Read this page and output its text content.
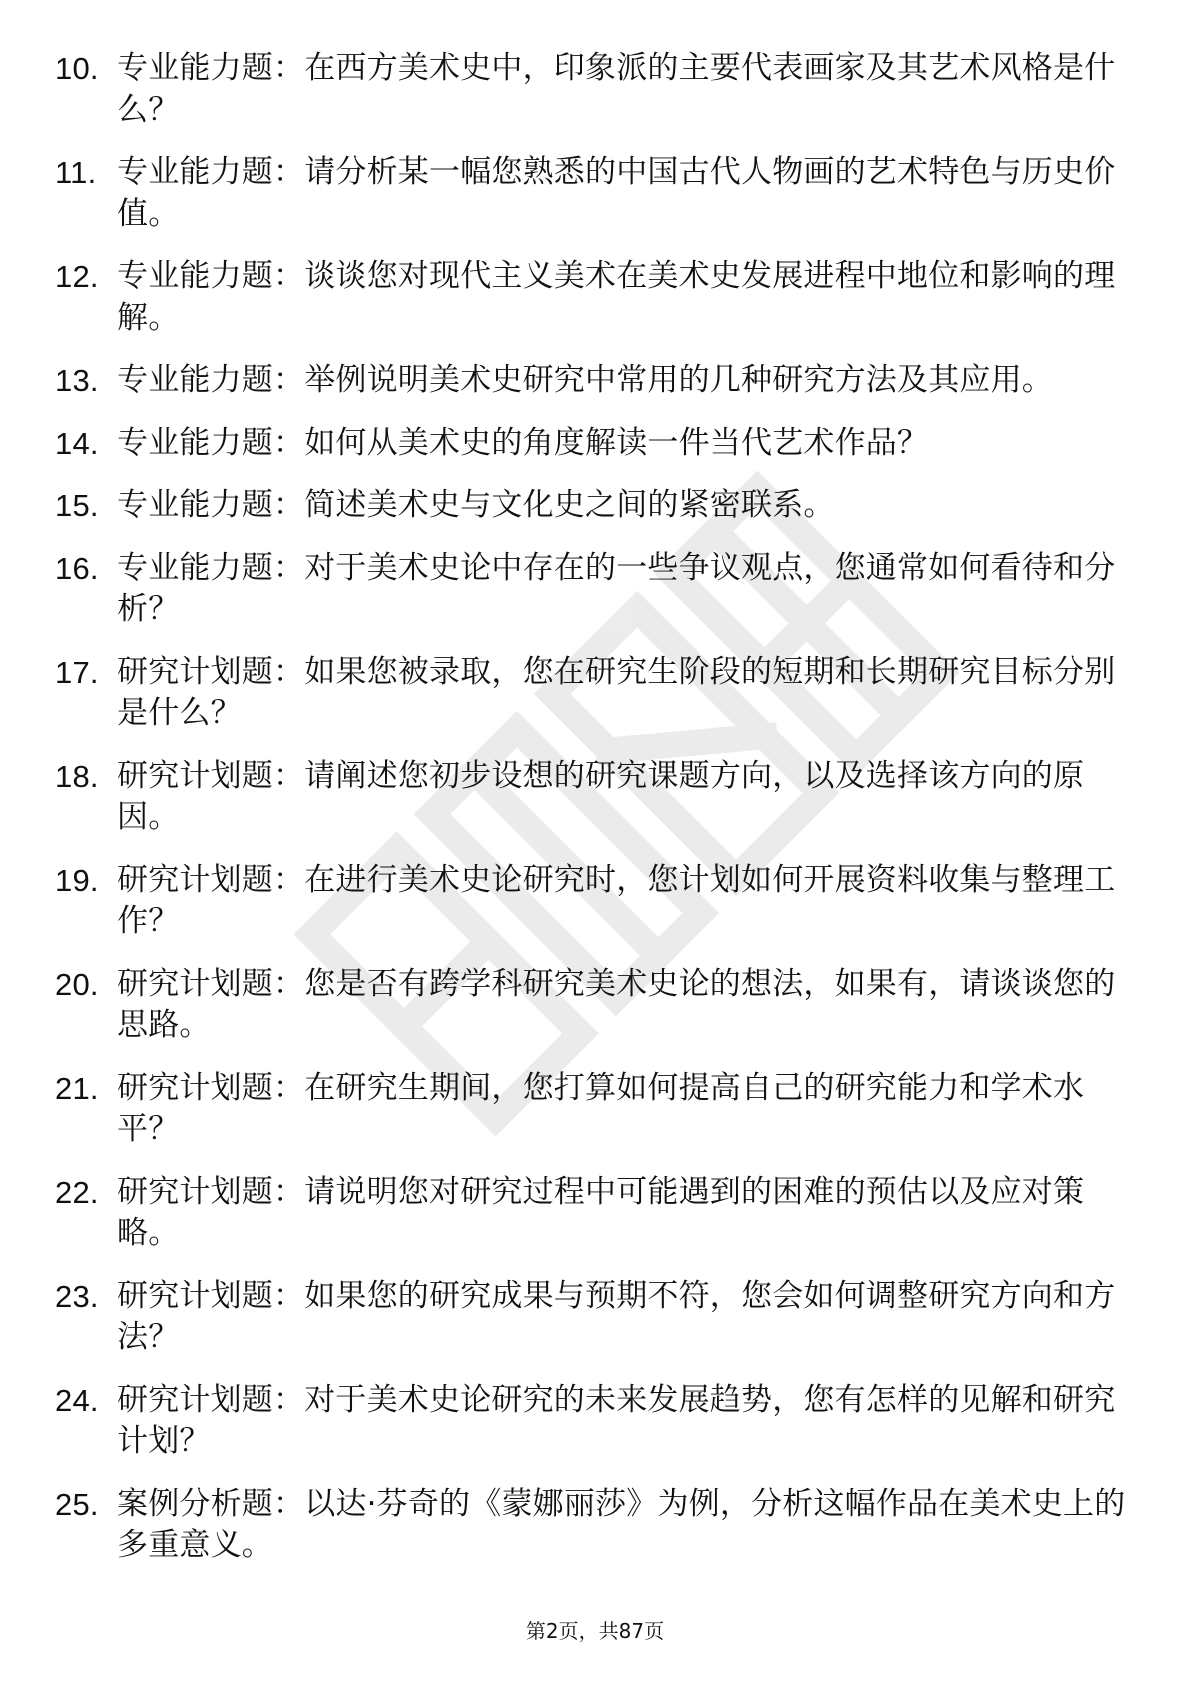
10. 专业能力题：在西方美术史中，印象派的主要代表画家及其艺术风格是什么？
11. 专业能力题：请分析某一幅您熟悉的中国古代人物画的艺术特色与历史价值。
12. 专业能力题：谈谈您对现代主义美术在美术史发展进程中地位和影响的理解。
13. 专业能力题：举例说明美术史研究中常用的几种研究方法及其应用。
14. 专业能力题：如何从美术史的角度解读一件当代艺术作品？
15. 专业能力题：简述美术史与文化史之间的紧密联系。
16. 专业能力题：对于美术史论中存在的一些争议观点，您通常如何看待和分析？
17. 研究计划题：如果您被录取，您在研究生阶段的短期和长期研究目标分别是什么？
18. 研究计划题：请阐述您初步设想的研究课题方向，以及选择该方向的原因。
19. 研究计划题：在进行美术史论研究时，您计划如何开展资料收集与整理工作？
20. 研究计划题：您是否有跨学科研究美术史论的想法，如果有，请谈谈您的思路。
21. 研究计划题：在研究生期间，您打算如何提高自己的研究能力和学术水平？
22. 研究计划题：请说明您对研究过程中可能遇到的困难的预估以及应对策略。
23. 研究计划题：如果您的研究成果与预期不符，您会如何调整研究方向和方法？
24. 研究计划题：对于美术史论研究的未来发展趋势，您有怎样的见解和研究计划？
25. 案例分析题：以达·芬奇的《蒙娜丽莎》为例，分析这幅作品在美术史上的多重意义。
第2页，共87页
